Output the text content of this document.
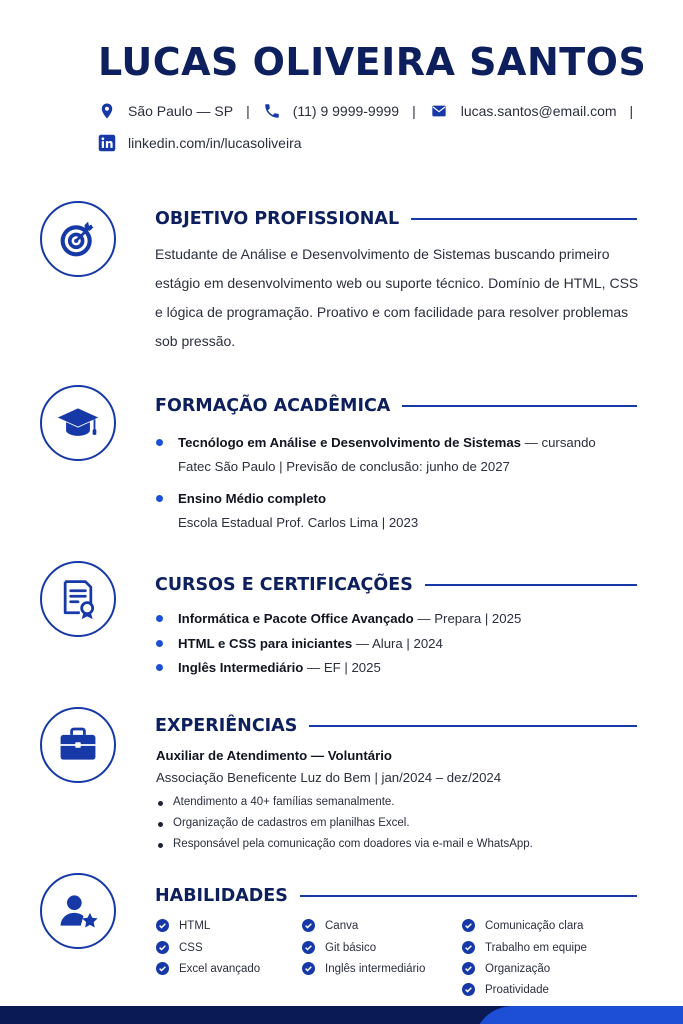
LUCAS OLIVEIRA SANTOS
São Paulo — SP |	(11) 9 9999-9999 |	lucas.santos@email.com |
linkedin.com/in/lucasoliveira
OBJETIVO PROFISSIONAL
Estudante de Análise e Desenvolvimento de Sistemas buscando primeiro
estágio em desenvolvimento web ou suporte técnico. Domínio de HTML, CSS
e lógica de programação. Proativo e com facilidade para resolver problemas
sob pressão.
FORMAÇÃO ACADÊMICA
Tecnólogo em Análise e Desenvolvimento de Sistemas — cursando
Fatec São Paulo | Previsão de conclusão: junho de 2027
Ensino Médio completo
Escola Estadual Prof. Carlos Lima | 2023
CURSOS E CERTIFICAÇÕES
Informática e Pacote Office Avançado — Prepara | 2025
HTML e CSS para iniciantes — Alura | 2024
Inglês Intermediário — EF | 2025
EXPERIÊNCIAS
Auxiliar de Atendimento — Voluntário
Associação Beneficente Luz do Bem | jan/2024 – dez/2024
Atendimento a 40+ famílias semanalmente.
Organização de cadastros em planilhas Excel.
Responsável pela comunicação com doadores via e-mail e WhatsApp.
HABILIDADES
HTML
CSS
Excel avançado
Canva
Git básico
Inglês intermediário
Comunicação clara
Trabalho em equipe
Organização
Proatividade
